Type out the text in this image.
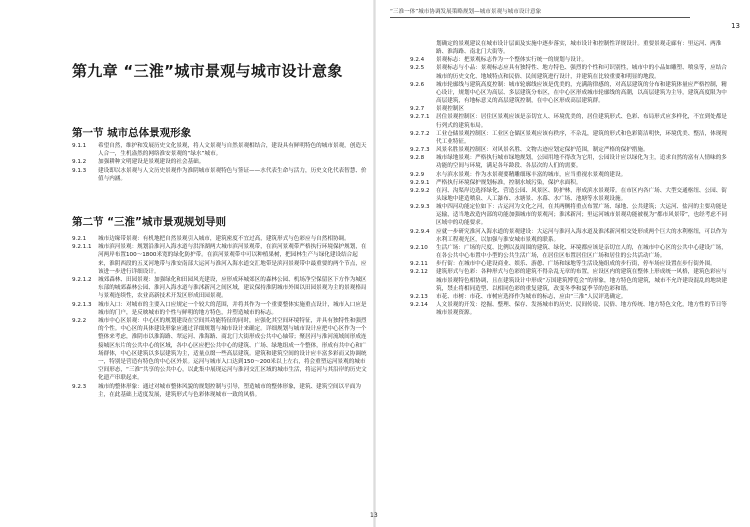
第九章 “三淮”城市景观与城市设计意象
第一节 城市总体景观形象

9.1.1 希望自然，维护和发展历史文化景观，将人文景观与自然景观相结合，建设具有鲜明特色的城市景观，创造天人合一，生机盎然的网络淮安景观的“绿水”城市。

9.1.2 加强耕种文明建设是景观建设的社会基础。

9.1.3 建设即以水景观与人文历史景观作为淮阴城市景观特色与签证——水代表生命与活力，历史文化代表智慧、价值与内涵。

第二节 “三淮”城市景观规划导则

9.2.1 城市边缘带景观：有机地把自然景观引入城市，建筑密度不宜过高，建筑形式与色彩应与自然相协调。

9.2.1.1 城市滨河景观：规划沿淮河入海水道与洪泽湖两大城市滨河景观带，在滨河景观带严格执行环境保护规划，在河两岸布置100～1800米宽的绿化防护带。在滨河景观带中可以种植果树，把园林生产与绿化建设结合起来，淮阴西段的五叉河地带与淮安南部大运河与淮河入海水道交汇地带是滨河景观带中最重要的两个节点，应该进一步进行详细设计。

9.2.1.2 城郊森林、田园景观：加强绿化和田园风光建设，应形成环城郊区的森林公园、机场净空保留区下方作为城区东部的城郊森林公园、淮河入海水道与淮沭新河之间区域，建议保持淮阴城市外围以田园景观为主的景观格局与景观连续性，农业高新技术开发区形成田园景观。

9.2.1.3 城市入口：对城市的主要入口应规定一个较大的范围，并将其作为一个重要整体实施重点设计，城市入口应是城市的门户，是反映城市的个性与鲜明的地方特色，并塑造城市的标志。

9.2.2 城市中心区景观：中心区的规划建设在空间其功能特征的同时，应强化其空间环境特征，并具有独特性和强烈的个性。中心区的具体建设形象应通过详细规划与城市设计来确定。详细规划与城市设计应把中心区作为一个整体来考虑，淮阴市以淮海路、翠运河、淮海路、商北门大街形成公共中心轴带；聚居河与淮河流域间形成连接城区东片的公共中心的区域，各中心区应把公共中心的建筑、广场、绿地组成一个整体，形成有共中心和广场群体，中心区建筑以多层建筑为主，适量点缀一些高层建筑。建筑和建筑空间的设计应丰富多彩而又协调统一，特别是营造有特色的中心区外景。运河与城市入口达到150～200米以上左右，将会重塑运河景观的城市空间形态，“三淮”共享的公共中心，以此集中展现运河与淮河交汇区域的城市生活，将运河与其沿岸的历史文化遗产串联起来。

9.2.3 城市的整体形象：通过对城市整体风貌的规划控制与引导，塑造城市的整体形象，建筑、建筑空间以平面为主，在此基础上适度发展，建筑形式与色彩体现城市一致的风格。

“三准一体”城市协调发展策略规划—城市景观与城市设计意象
13

划确定的景观建议在城市设计层面及实施中逐步落实，城市设计和控制性详规设计。重要景观走廊有：里运河、两淮路、淮海路、南北门大街等。

9.2.4 景观标志：把景观标志作为一个整体实行统一的规划与设计。

9.2.5 景观标志与小品：景观标志应具有独特性、地方特色、强烈的个性和可识别性，城市中的小品如雕塑、喷泉等，应结合城市的历史文化、地域特点和民俗、民间建筑进行设计，并建筑在比较重要和明显的地段。

9.2.6 城市轮廓线与建筑高度控制：城市轮廓线应该是优美的，充满韵律感的，对高层建筑的分布和建筑体量应严格控制，精心设计，规划中心区为高层、多层建筑分布区，在中心区形成城市轮廓线的高潮，以高层建筑为主导，建筑高度限为中高层建筑，有地标意义的高层建筑控制，在中心区形成高层建筑群。

9.2.7 景观控制区

9.2.7.1 居住景观控制区：居住区景观应该是亲切宜人、环境优美的，居住建筑形式、色彩、布局形式应多样化，不宜到处都是行列式的建筑布局。

9.2.7.2 工业仓储景观控制区：工业区仓储区景观应该有秩序，不杂乱，建筑的形式和色彩简洁明快，环境优美、整洁，体现现代工业特征。

9.2.7.3 风景名胜景观控制区：对风景名胜、文物古迹应划定保护范围，制定严格的保护措施。

9.2.8 城市绿地景观：严格执行城市绿地规划，公园用地不得改为它用，公园设计应以绿化为主，追求自然的富有人情味的多功能的空间与环境，满足各年龄段、各层次的人们的需要。

9.2.9 水与滨水景观：作为水景观要精雕细琢丰富的城市，应当重视水景观的建设。

9.2.9.1 严格执行环境保护规划标准，控制水域污染，保护水面积。

9.2.9.2 在河、沟渠岸边选择绿化、营造公园、风景区、防护林，形成滨水景观带。在市区内各广场、大型交通枢纽、公园、街头绿地中建造喷泉、人工瀑布、水塘景、水幕、水广场、池塘等水景观设施。

9.2.9.3 城中四河功能定位如下：古运河为文化之河，在其两侧将重点布置广场、绿地、公共建筑；大运河、盐河的主要功能是运输，适当地改造内部的功能加强城市的景观河；淮沭新河；里运河城市景观功能被视为“都市风景带”，也经考虑不同区域中的功能要求。

9.2.9.4 应就一步研究淮河入海水道的景观建设：大运河与淮河入海水道及淮沭新河相交处形成两个巨大的水利枢纽，可以作为水利工程观光区，以加强与淮安城市景观的联系。

9.2.10 生活广场：广场的尺度、比例以及周围的建筑、绿化、环境都应该是亲切宜人的，在城市中心区的公共中心建设广场，在各公共中心布置中小型的公共生活广场，在居住区布置居住区广场和居住的公共活动广场。

9.2.11 步行街：在城市中心建设商业、娱乐、游憩、广场和绿地等生活设施组成的步行街，停车场应设置在步行街外围。

9.2.12 建筑形式与色彩：各种形式与色彩的建筑不得杂乱无章的布置，应设区内的建筑在整体上形成统一风格，建筑色彩应与城市景观特色相协调，且在建筑设计中形成“万国建筑博览会”的形象，地方特色的建筑，城市不允许建设混乱的地块建筑，禁止将相同造型、以相同色彩的重复建筑，改变冬季和夏季节的色彩和谐。

9.2.13 市花、市树：市花、市树应选择作为城市的标志，应由“三淮”人民评选确定。

9.2.14 人文景观的开发：挖掘、整理、保存、发扬城市的历史、民间传说、民俗、地方传统、地方特色文化，地方性的节日等城市景观资源。

13
